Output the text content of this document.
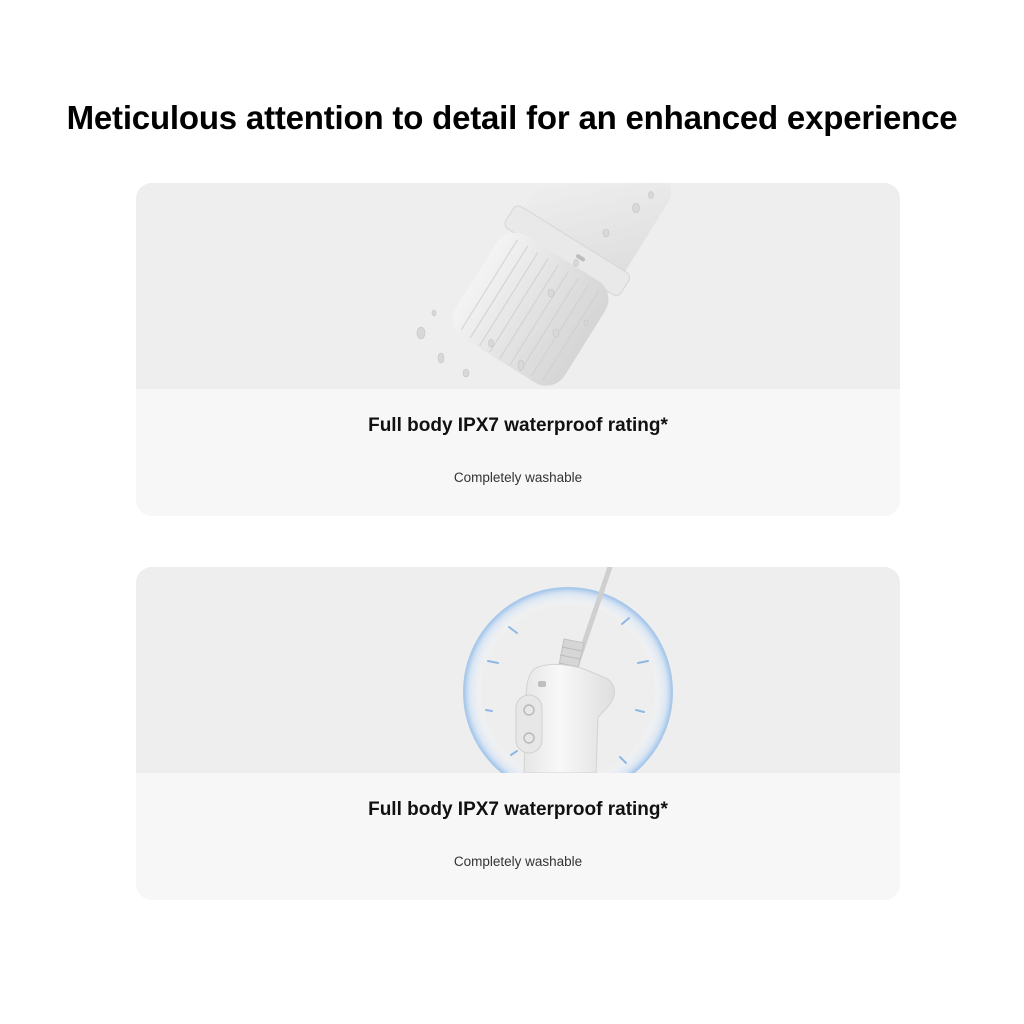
Meticulous attention to detail for an enhanced experience
Full body IPX7 waterproof rating*
Completely washable
Full body IPX7 waterproof rating*
Completely washable
